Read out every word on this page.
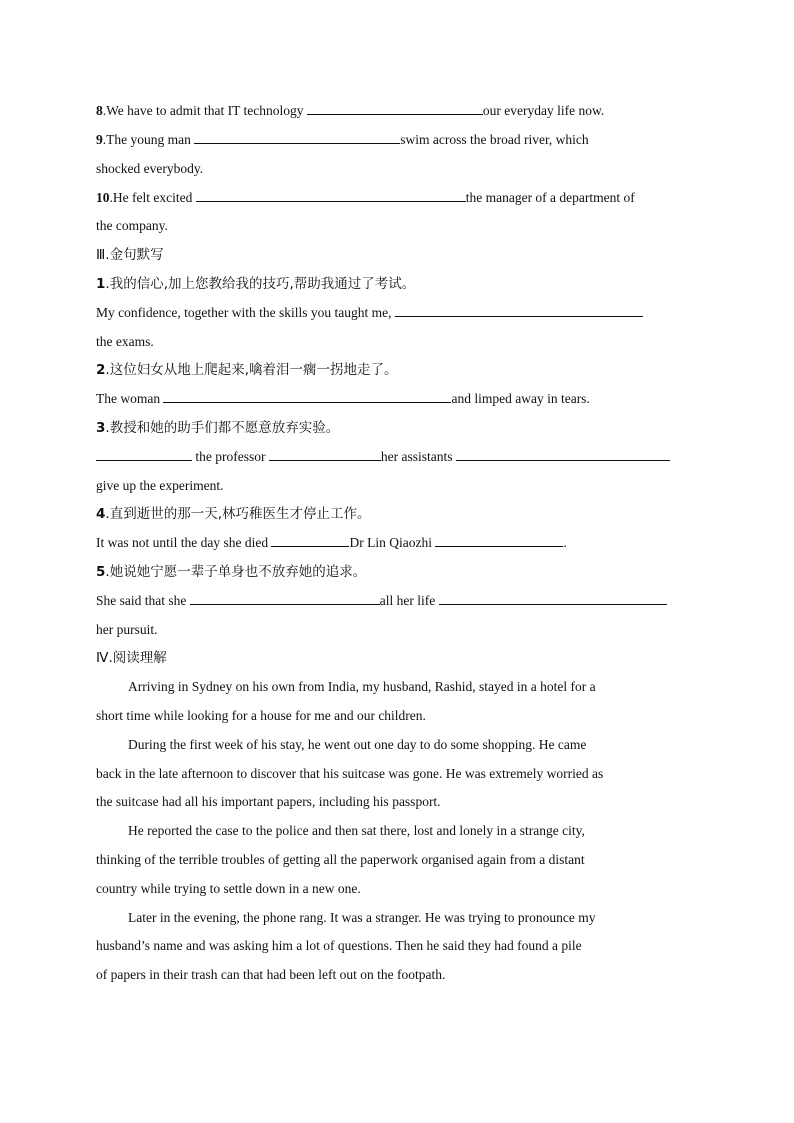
8.We have to admit that IT technology	our everyday life now.
9.The young man	swim across the broad river, which
shocked everybody.
10.He felt excited	the manager of a department of
the company.
Ⅲ.金句默写
1.我的信心,加上您教给我的技巧,帮助我通过了考试。
My confidence, together with the skills you taught me,
the exams.
2.这位妇女从地上爬起来,噙着泪一瘸一拐地走了。
The woman	and limped away in tears.
3.教授和她的助手们都不愿意放弃实验。
the professor	her assistants
give up the experiment.
4.直到逝世的那一天,林巧稚医生才停止工作。
It was not until the day she died	Dr Lin Qiaozhi	.
5.她说她宁愿一辈子单身也不放弃她的追求。
She said that she	all her life
her pursuit.
Ⅳ.阅读理解
Arriving in Sydney on his own from India, my husband, Rashid, stayed in a hotel for a
short time while looking for a house for me and our children.
During the first week of his stay, he went out one day to do some shopping. He came
back in the late afternoon to discover that his suitcase was gone. He was extremely worried as
the suitcase had all his important papers, including his passport.
He reported the case to the police and then sat there, lost and lonely in a strange city,
thinking of the terrible troubles of getting all the paperwork organised again from a distant
country while trying to settle down in a new one.
Later in the evening, the phone rang. It was a stranger. He was trying to pronounce my
husband’s name and was asking him a lot of questions. Then he said they had found a pile
of papers in their trash can that had been left out on the footpath.
